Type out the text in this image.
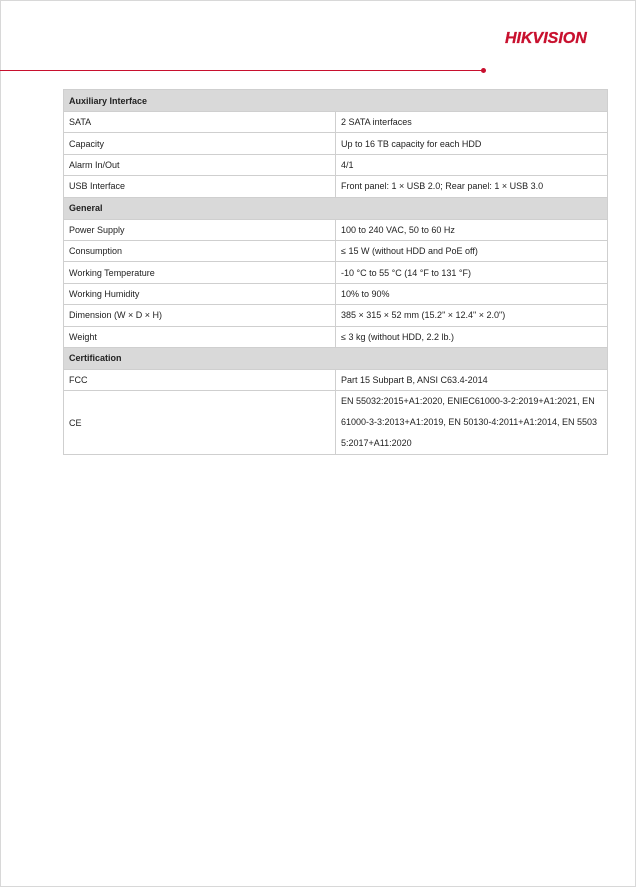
HIKVISION
Auxiliary Interface	
SATA	2 SATA interfaces
Capacity	Up to 16 TB capacity for each HDD
Alarm In/Out	4/1
USB Interface	Front panel: 1 × USB 2.0; Rear panel: 1 × USB 3.0
General	
Power Supply	100 to 240 VAC, 50 to 60 Hz
Consumption	≤ 15 W (without HDD and PoE off)
Working Temperature	-10 °C to 55 °C (14 °F to 131 °F)
Working Humidity	10% to 90%
Dimension (W × D × H)	385 × 315 × 52 mm (15.2" × 12.4" × 2.0")
Weight	≤ 3 kg (without HDD, 2.2 lb.)
Certification	
FCC	Part 15 Subpart B, ANSI C63.4-2014
CE	EN 55032:2015+A1:2020, ENIEC61000-3-2:2019+A1:2021, EN 61000-3-3:2013+A1:2019, EN 50130-4:2011+A1:2014, EN 55035:2017+A11:2020
